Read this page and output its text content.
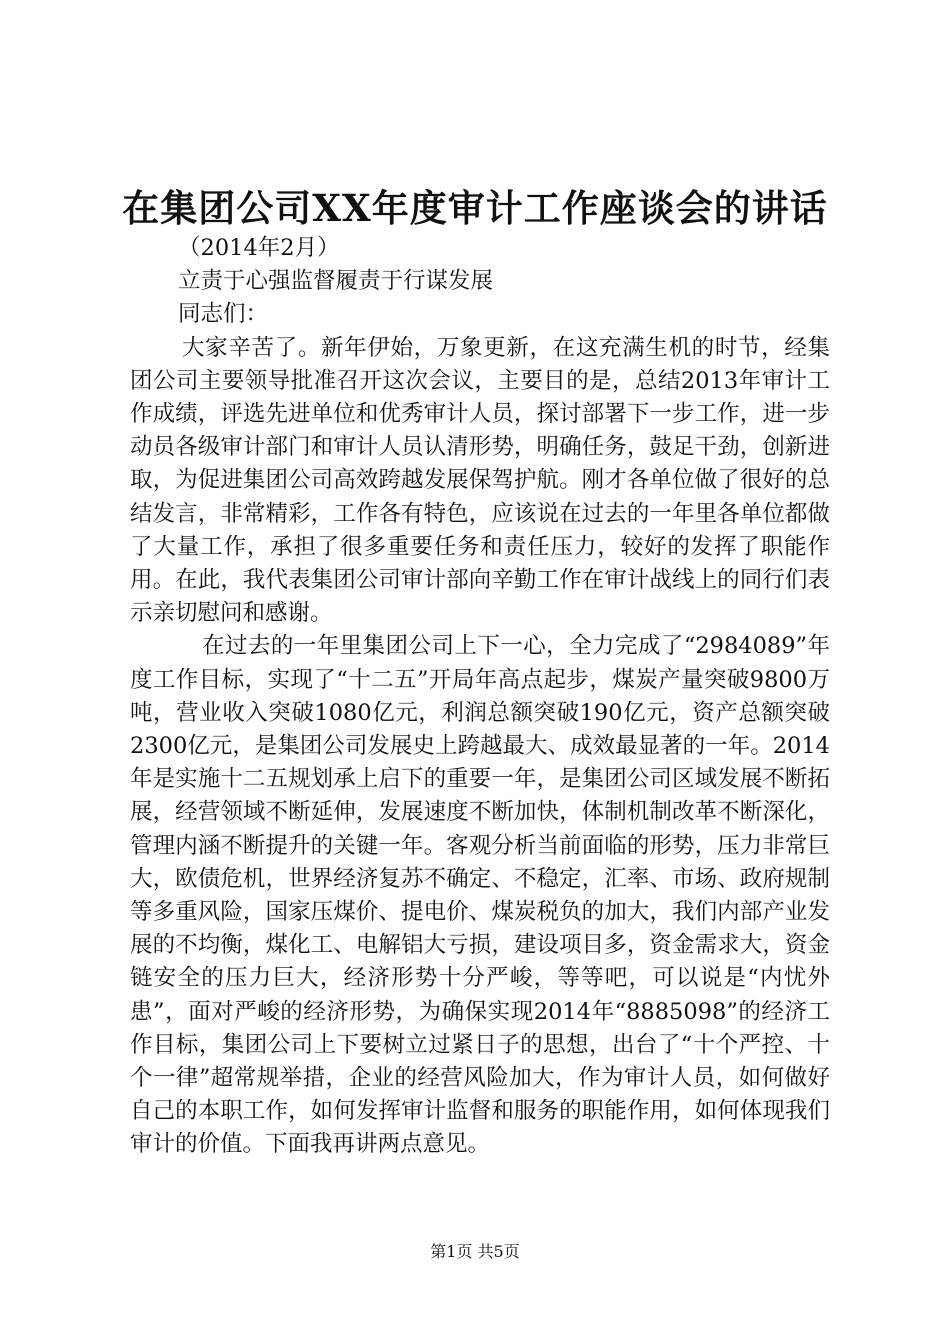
在集团公司XX年度审计工作座谈会的讲话

（2014年2月）

立责于心强监督履责于行谋发展

同志们：

大家辛苦了。新年伊始，万象更新，在这充满生机的时节，经集团公司主要领导批准召开这次会议，主要目的是，总结2013年审计工作成绩，评选先进单位和优秀审计人员，探讨部署下一步工作，进一步动员各级审计部门和审计人员认清形势，明确任务，鼓足干劲，创新进取，为促进集团公司高效跨越发展保驾护航。刚才各单位做了很好的总结发言，非常精彩，工作各有特色，应该说在过去的一年里各单位都做了大量工作，承担了很多重要任务和责任压力，较好的发挥了职能作用。在此，我代表集团公司审计部向辛勤工作在审计战线上的同行们表示亲切慰问和感谢。

在过去的一年里集团公司上下一心，全力完成了“2984089”年度工作目标，实现了“十二五”开局年高点起步，煤炭产量突破9800万吨，营业收入突破1080亿元，利润总额突破190亿元，资产总额突破2300亿元，是集团公司发展史上跨越最大、成效最显著的一年。2014年是实施十二五规划承上启下的重要一年，是集团公司区域发展不断拓展，经营领域不断延伸，发展速度不断加快，体制机制改革不断深化，管理内涵不断提升的关键一年。客观分析当前面临的形势，压力非常巨大，欧债危机，世界经济复苏不确定、不稳定，汇率、市场、政府规制等多重风险，国家压煤价、提电价、煤炭税负的加大，我们内部产业发展的不均衡，煤化工、电解铝大亏损，建设项目多，资金需求大，资金链安全的压力巨大，经济形势十分严峻，等等吧，可以说是“内忧外患”，面对严峻的经济形势，为确保实现2014年“8885098”的经济工作目标，集团公司上下要树立过紧日子的思想，出台了“十个严控、十个一律”超常规举措，企业的经营风险加大，作为审计人员，如何做好自己的本职工作，如何发挥审计监督和服务的职能作用，如何体现我们审计的价值。下面我再讲两点意见。

第1页 共5页
